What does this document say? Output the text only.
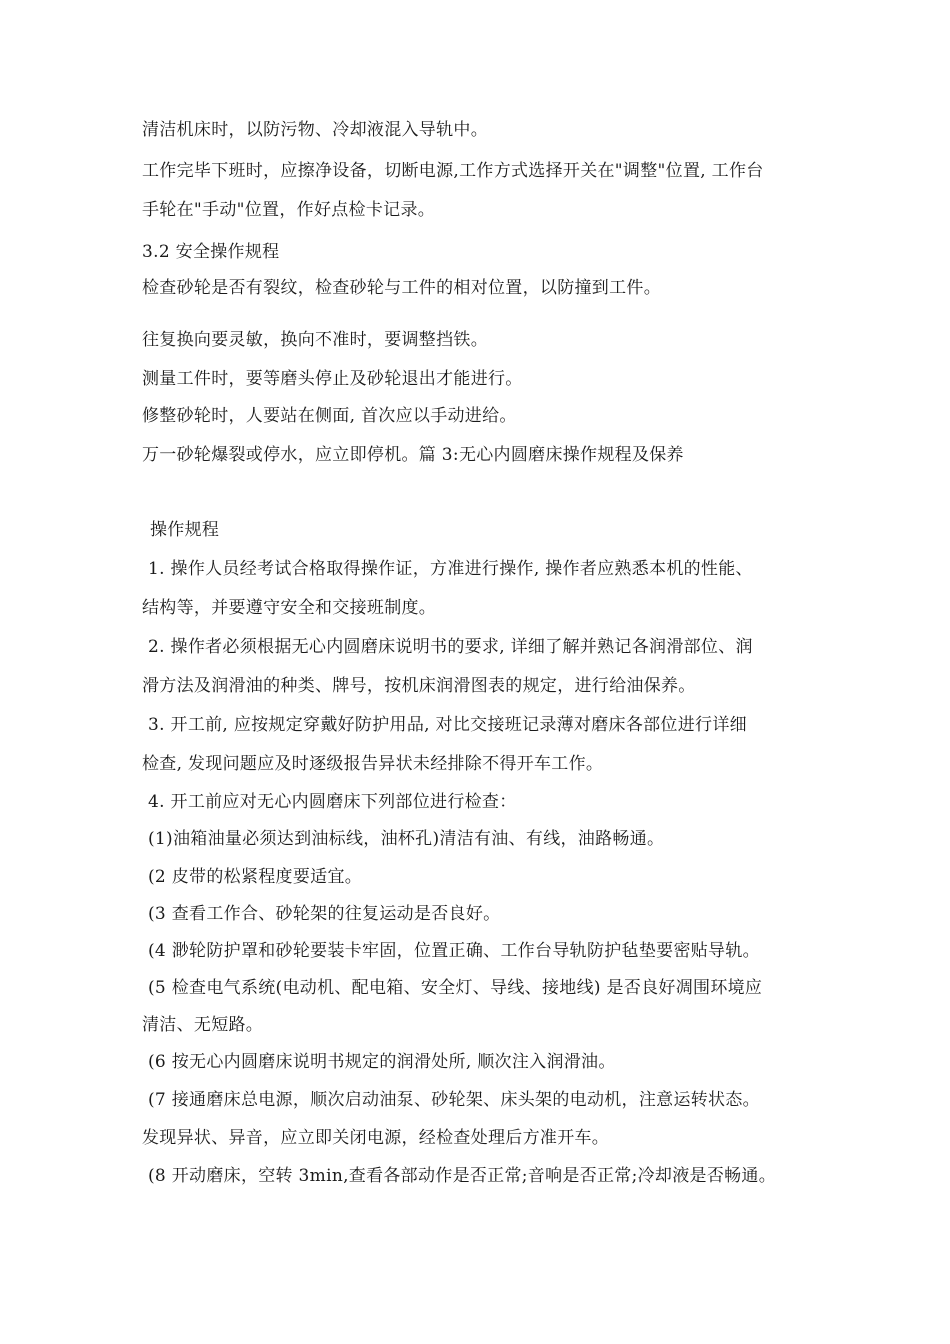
清洁机床时，以防污物、冷却液混入导轨中。
工作完毕下班时，应擦净设备，切断电源,工作方式选择开关在"调整"位置, 工作台
手轮在"手动"位置，作好点检卡记录。
3.2 安全操作规程
检查砂轮是否有裂纹，检查砂轮与工件的相对位置，以防撞到工件。
往复换向要灵敏，换向不准时，要调整挡铁。
测量工件时，要等磨头停止及砂轮退出才能进行。
修整砂轮时，人要站在侧面, 首次应以手动进给。
万一砂轮爆裂或停水，应立即停机。篇 3:无心内圆磨床操作规程及保养
操作规程
1. 操作人员经考试合格取得操作证，方准进行操作, 操作者应熟悉本机的性能、
结构等，并要遵守安全和交接班制度。
2. 操作者必须根据无心内圆磨床说明书的要求, 详细了解并熟记各润滑部位、润
滑方法及润滑油的种类、牌号，按机床润滑图表的规定，进行给油保养。
3. 开工前, 应按规定穿戴好防护用品, 对比交接班记录薄对磨床各部位进行详细
检查, 发现问题应及时逐级报告异状未经排除不得开车工作。
4. 开工前应对无心内圆磨床下列部位进行检查：
(1)油箱油量必须达到油标线，油杯孔)清洁有油、有线，油路畅通。
(2 皮带的松紧程度要适宜。
(3 查看工作合、砂轮架的往复运动是否良好。
(4 渺轮防护罩和砂轮要装卡牢固，位置正确、工作台导轨防护毡垫要密贴导轨。
(5 检查电气系统(电动机、配电箱、安全灯、导线、接地线) 是否良好凋围环境应
清洁、无短路。
(6 按无心内圆磨床说明书规定的润滑处所, 顺次注入润滑油。
(7 接通磨床总电源，顺次启动油泵、砂轮架、床头架的电动机，注意运转状态。
发现异状、异音，应立即关闭电源，经检查处理后方准开车。
(8 开动磨床，空转 3min,查看各部动作是否正常;音响是否正常;冷却液是否畅通。
